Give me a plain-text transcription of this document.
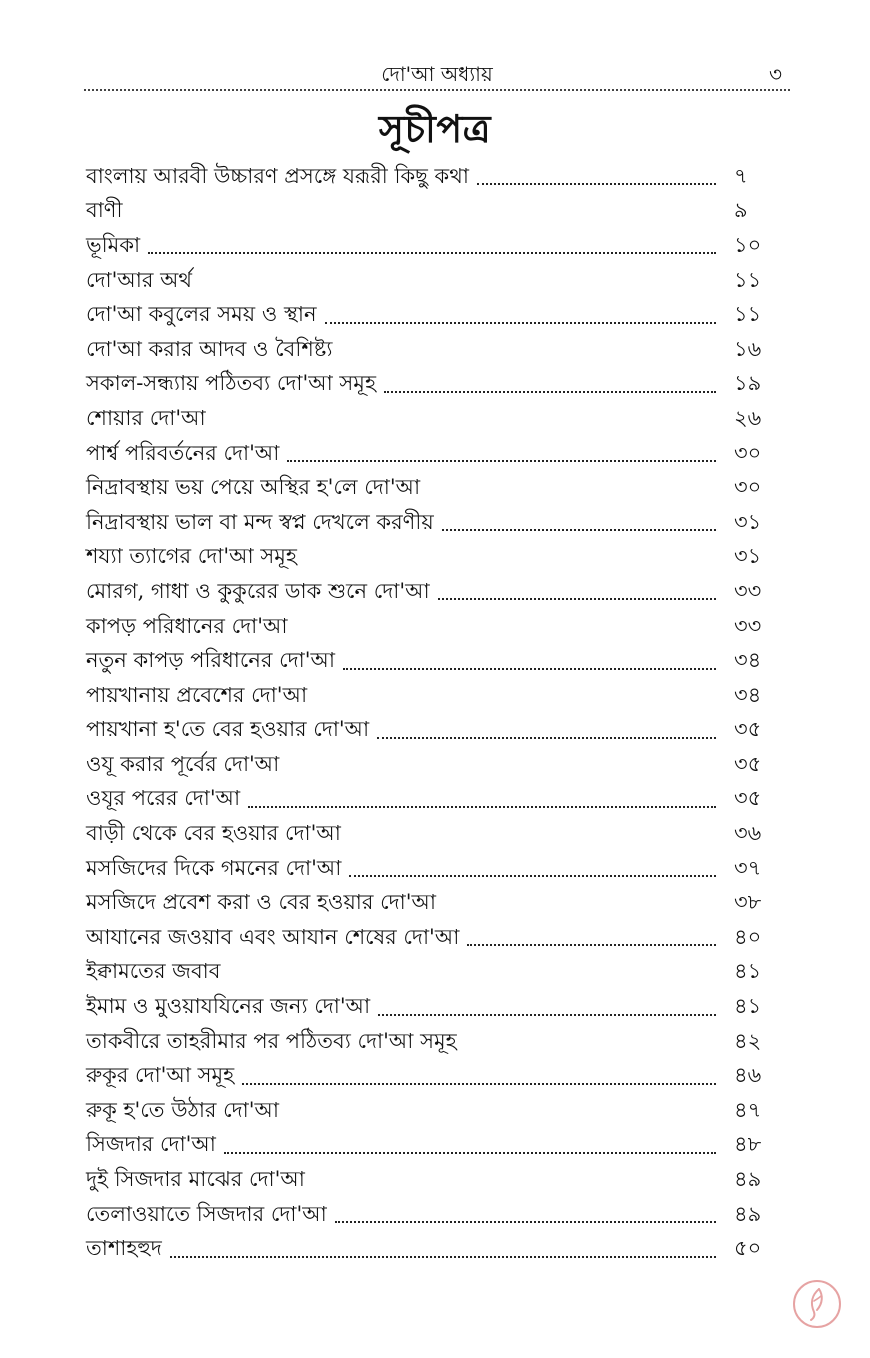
দো'আ অধ্যায়	৩
সূচীপত্র
বাংলায় আরবী উচ্চারণ প্রসঙ্গে যরূরী কিছু কথা	৭
বাণী	৯
ভূমিকা	১০
দো'আর অর্থ	১১
দো'আ কবুলের সময় ও স্থান	১১
দো'আ করার আদব ও বৈশিষ্ট্য	১৬
সকাল-সন্ধ্যায় পঠিতব্য দো'আ সমূহ	১৯
শোয়ার দো'আ	২৬
পার্শ্ব পরিবর্তনের দো'আ	৩০
নিদ্রাবস্থায় ভয় পেয়ে অস্থির হ'লে দো'আ	৩০
নিদ্রাবস্থায় ভাল বা মন্দ স্বপ্ন দেখলে করণীয়	৩১
শয্যা ত্যাগের দো'আ সমূহ	৩১
মোরগ, গাধা ও কুকুরের ডাক শুনে দো'আ	৩৩
কাপড় পরিধানের দো'আ	৩৩
নতুন কাপড় পরিধানের দো'আ	৩৪
পায়খানায় প্রবেশের দো'আ	৩৪
পায়খানা হ'তে বের হওয়ার দো'আ	৩৫
ওযূ করার পূর্বের দো'আ	৩৫
ওযূর পরের দো'আ	৩৫
বাড়ী থেকে বের হওয়ার দো'আ	৩৬
মসজিদের দিকে গমনের দো'আ	৩৭
মসজিদে প্রবেশ করা ও বের হওয়ার দো'আ	৩৮
আযানের জওয়াব এবং আযান শেষের দো'আ	৪০
ইক্বামতের জবাব	৪১
ইমাম ও মুওয়াযযিনের জন্য দো'আ	৪১
তাকবীরে তাহরীমার পর পঠিতব্য দো'আ সমূহ	৪২
রুকূর দো'আ সমূহ	৪৬
রুকূ হ'তে উঠার দো'আ	৪৭
সিজদার দো'আ	৪৮
দুই সিজদার মাঝের দো'আ	৪৯
তেলাওয়াতে সিজদার দো'আ	৪৯
তাশাহহুদ	৫০
